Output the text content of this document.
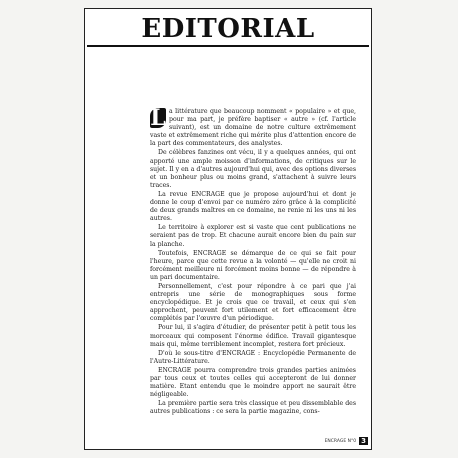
EDITORIAL

L a littérature que beaucoup nomment « populaire » et que, pour ma part, je préfère baptiser « autre » (cf. l'article suivant), est un domaine de notre culture extrêmement vaste et extrêmement riche qui mérite plus d'attention encore de la part des commentateurs, des analystes.

De célèbres fanzines ont vécu, il y a quelques années, qui ont apporté une ample moisson d'informations, de critiques sur le sujet. Il y en a d'autres aujourd'hui qui, avec des options diverses et un bonheur plus ou moins grand, s'attachent à suivre leurs traces.

La revue ENCRAGE que je propose aujourd'hui et dont je donne le coup d'envoi par ce numéro zéro grâce à la complicité de deux grands maîtres en ce domaine, ne renie ni les uns ni les autres.

Le territoire à explorer est si vaste que cent publications ne seraient pas de trop. Et chacune aurait encore bien du pain sur la planche.

Toutefois, ENCRAGE se démarque de ce qui se fait pour l'heure, parce que cette revue a la volonté — qu'elle ne croit ni forcément meilleure ni forcément moins bonne — de répondre à un pari documentaire.

Personnellement, c'est pour répondre à ce pari que j'ai entrepris une série de monographiques sous forme encyclopédique. Et je crois que ce travail, et ceux qui s'en approchent, peuvent fort utilement et fort efficacement être complétés par l'œuvre d'un périodique.

Pour lui, il s'agira d'étudier, de présenter petit à petit tous les morceaux qui composent l'énorme édifice. Travail gigantesque mais qui, même terriblement incomplet, restera fort précieux.

D'où le sous-titre d'ENCRAGE : Encyclopédie Permanente de l'Autre-Littérature.

ENCRAGE pourra comprendre trois grandes parties animées par tous ceux et toutes celles qui accepteront de lui donner matière. Etant entendu que le moindre apport ne saurait être négligeable.

La première partie sera très classique et peu dissemblable des autres publications : ce sera la partie magazine, cons-

ENCRAGE N°0 3
